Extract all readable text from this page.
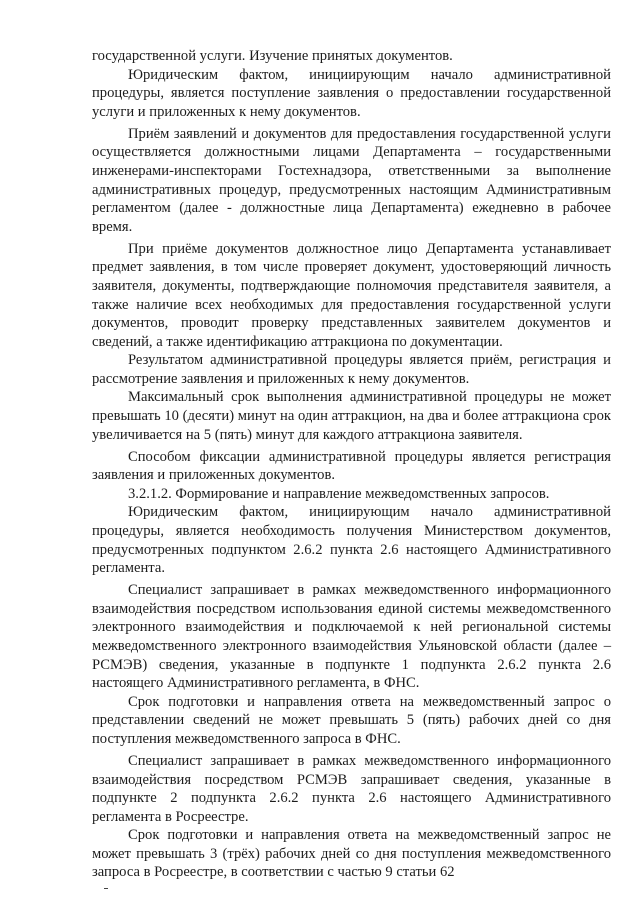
государственной услуги. Изучение принятых документов.

Юридическим фактом, инициирующим начало административной процедуры, является поступление заявления о предоставлении государственной услуги и приложенных к нему документов.

Приём заявлений и документов для предоставления государственной услуги осуществляется должностными лицами Департамента – государственными инженерами-инспекторами Гостехнадзора, ответственными за выполнение административных процедур, предусмотренных настоящим Административным регламентом (далее - должностные лица Департамента) ежедневно в рабочее время.

При приёме документов должностное лицо Департамента устанавливает предмет заявления, в том числе проверяет документ, удостоверяющий личность заявителя, документы, подтверждающие полномочия представителя заявителя, а также наличие всех необходимых для предоставления государственной услуги документов, проводит проверку представленных заявителем документов и сведений, а также идентификацию аттракциона по документации.

Результатом административной процедуры является приём, регистрация и рассмотрение заявления и приложенных к нему документов.

Максимальный срок выполнения административной процедуры не может превышать 10 (десяти) минут на один аттракцион, на два и более аттракциона срок увеличивается на 5 (пять) минут для каждого аттракциона заявителя.

Способом фиксации административной процедуры является регистрация заявления и приложенных документов.

3.2.1.2. Формирование и направление межведомственных запросов.

Юридическим фактом, инициирующим начало административной процедуры, является необходимость получения Министерством документов, предусмотренных подпунктом 2.6.2 пункта 2.6 настоящего Административного регламента.

Специалист запрашивает в рамках межведомственного информационного взаимодействия посредством использования единой системы межведомственного электронного взаимодействия и подключаемой к ней региональной системы межведомственного электронного взаимодействия Ульяновской области (далее – РСМЭВ) сведения, указанные в подпункте 1 подпункта 2.6.2 пункта 2.6 настоящего Административного регламента, в ФНС.

Срок подготовки и направления ответа на межведомственный запрос о представлении сведений не может превышать 5 (пять) рабочих дней со дня поступления межведомственного запроса в ФНС.

Специалист запрашивает в рамках межведомственного информационного взаимодействия посредством РСМЭВ запрашивает сведения, указанные в подпункте 2 подпункта 2.6.2 пункта 2.6 настоящего Административного регламента в Росреестре.

Срок подготовки и направления ответа на межведомственный запрос не может превышать 3 (трёх) рабочих дней со дня поступления межведомственного запроса в Росреестре, в соответствии с частью 9 статьи 62
